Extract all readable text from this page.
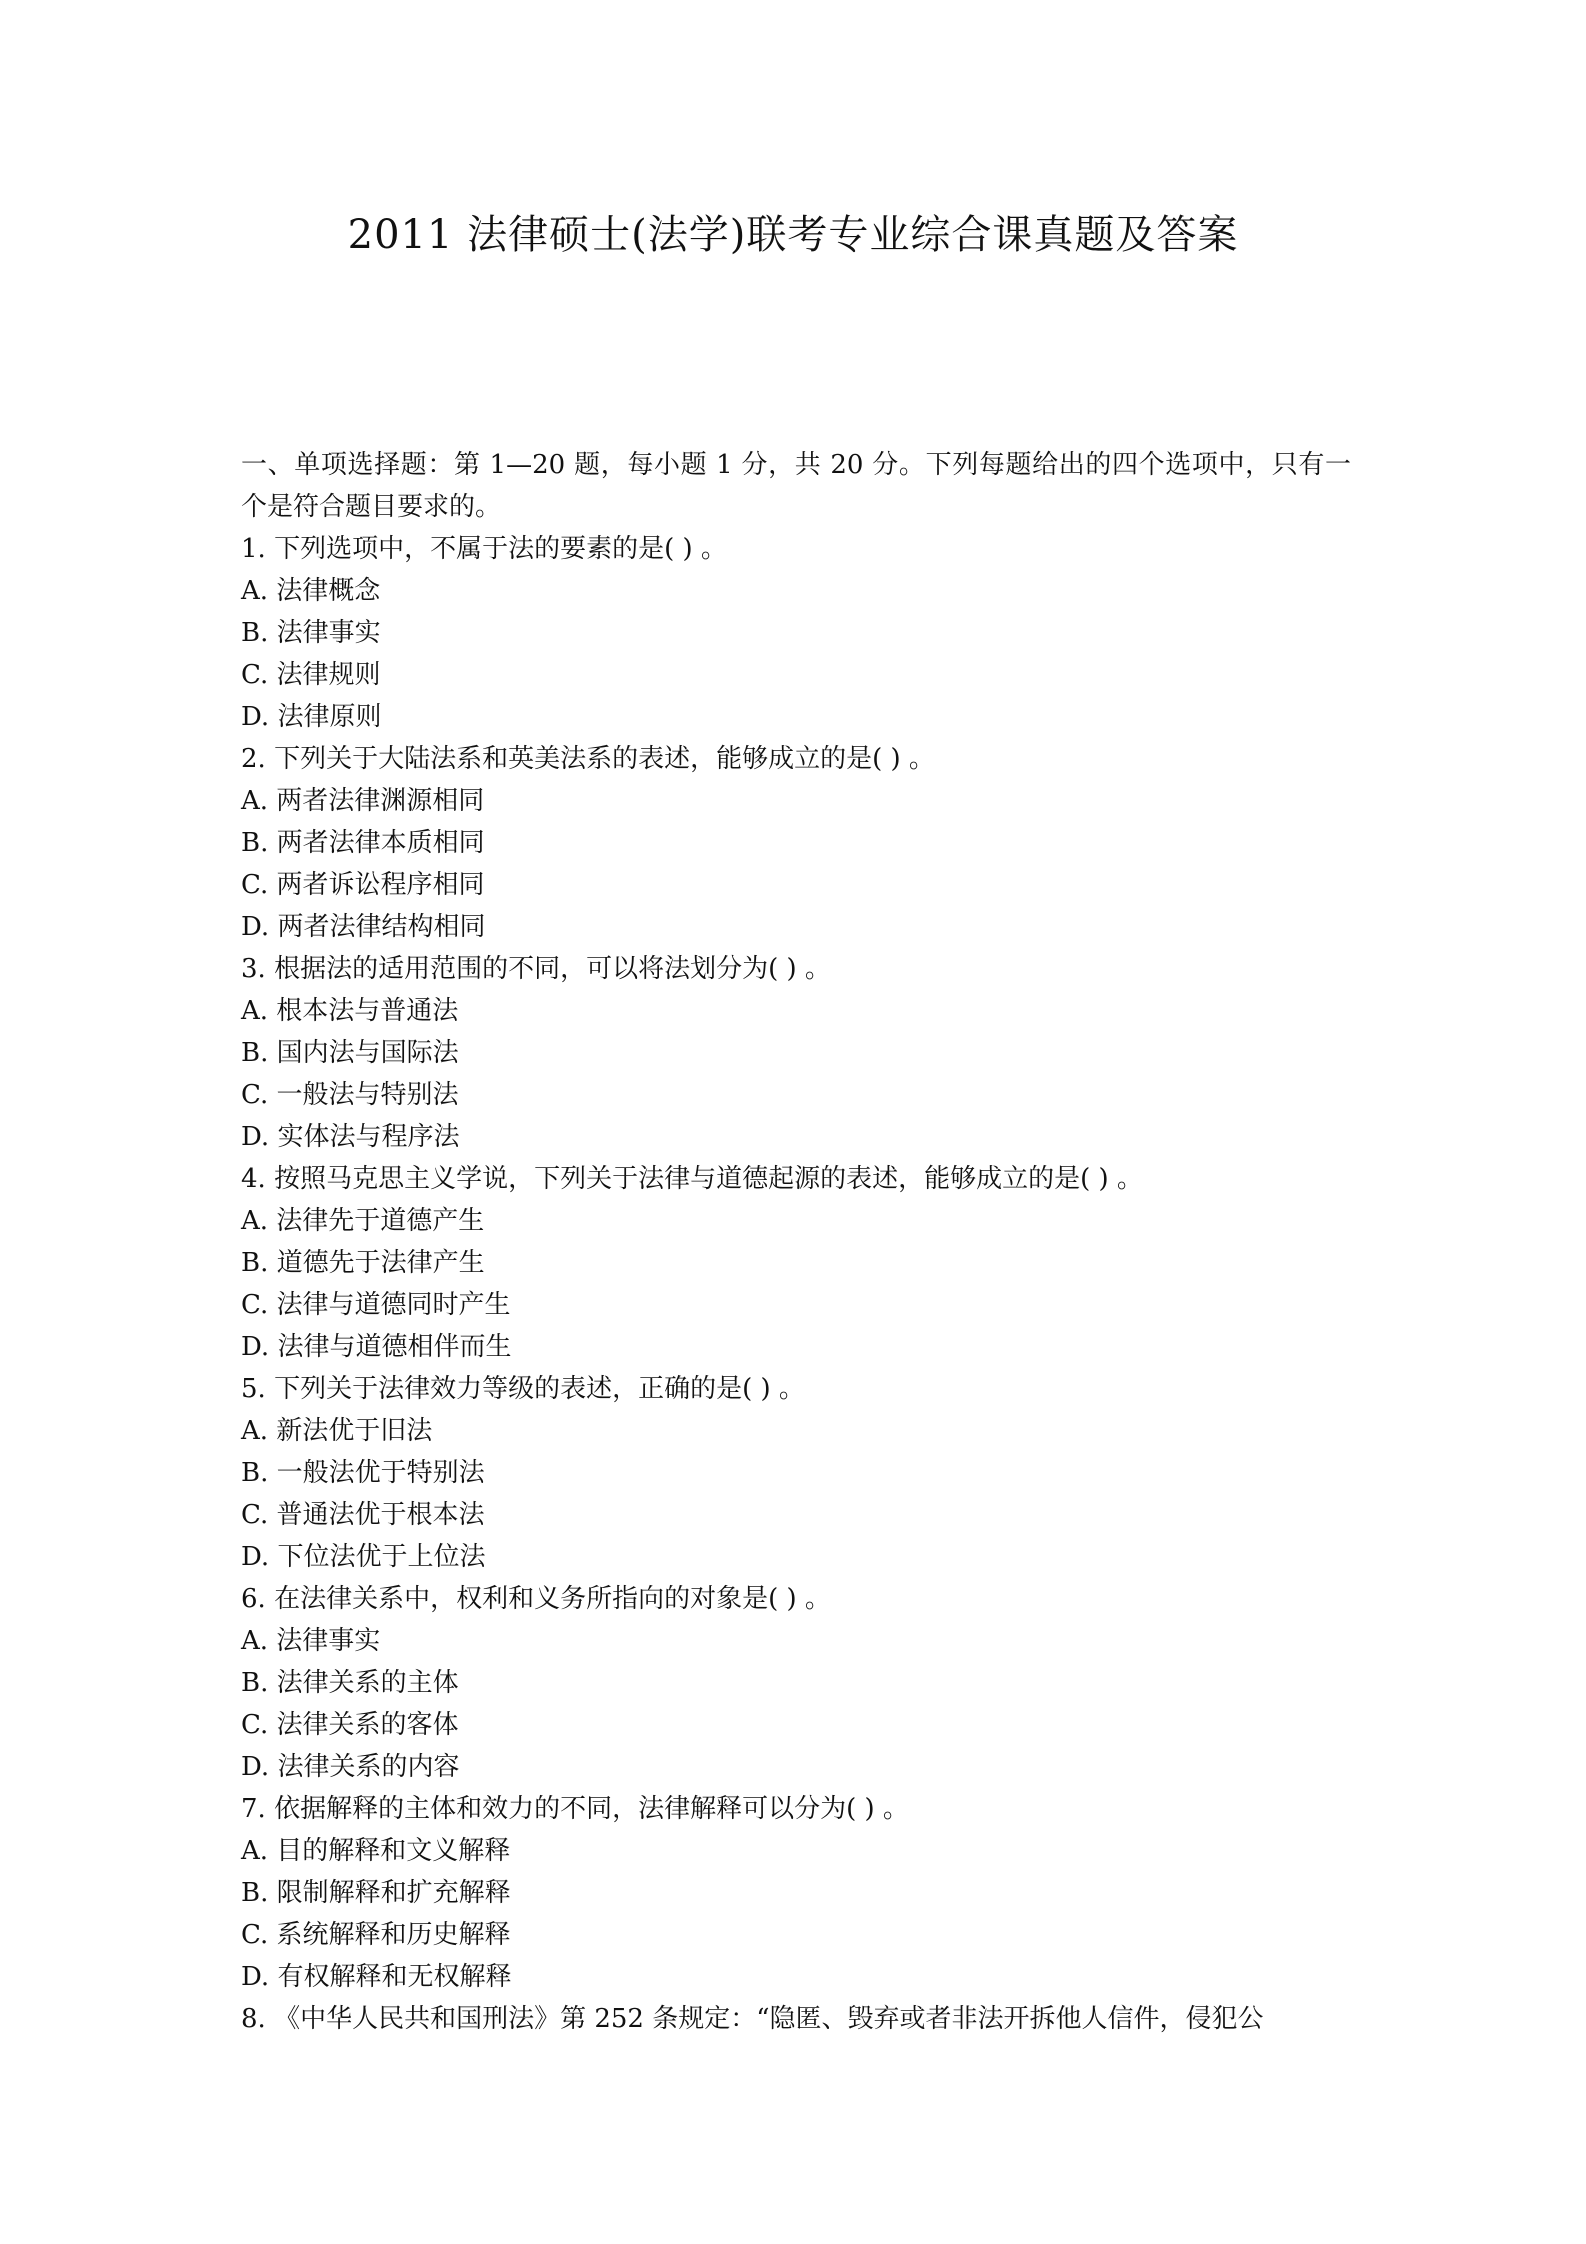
2011 法律硕士(法学)联考专业综合课真题及答案

一、单项选择题：第 1—20 题，每小题 1 分，共 20 分。下列每题给出的四个选项中，只有一个是符合题目要求的。

1. 下列选项中，不属于法的要素的是( ) 。
A. 法律概念
B. 法律事实
C. 法律规则
D. 法律原则
2. 下列关于大陆法系和英美法系的表述，能够成立的是( ) 。
A. 两者法律渊源相同
B. 两者法律本质相同
C. 两者诉讼程序相同
D. 两者法律结构相同
3. 根据法的适用范围的不同，可以将法划分为( ) 。
A. 根本法与普通法
B. 国内法与国际法
C. 一般法与特别法
D. 实体法与程序法
4. 按照马克思主义学说，下列关于法律与道德起源的表述，能够成立的是( ) 。
A. 法律先于道德产生
B. 道德先于法律产生
C. 法律与道德同时产生
D. 法律与道德相伴而生
5. 下列关于法律效力等级的表述，正确的是( ) 。
A. 新法优于旧法
B. 一般法优于特别法
C. 普通法优于根本法
D. 下位法优于上位法
6. 在法律关系中，权利和义务所指向的对象是( ) 。
A. 法律事实
B. 法律关系的主体
C. 法律关系的客体
D. 法律关系的内容
7. 依据解释的主体和效力的不同，法律解释可以分为( ) 。
A. 目的解释和文义解释
B. 限制解释和扩充解释
C. 系统解释和历史解释
D. 有权解释和无权解释
8. 《中华人民共和国刑法》第 252 条规定：“隐匿、毁弃或者非法开拆他人信件，侵犯公
